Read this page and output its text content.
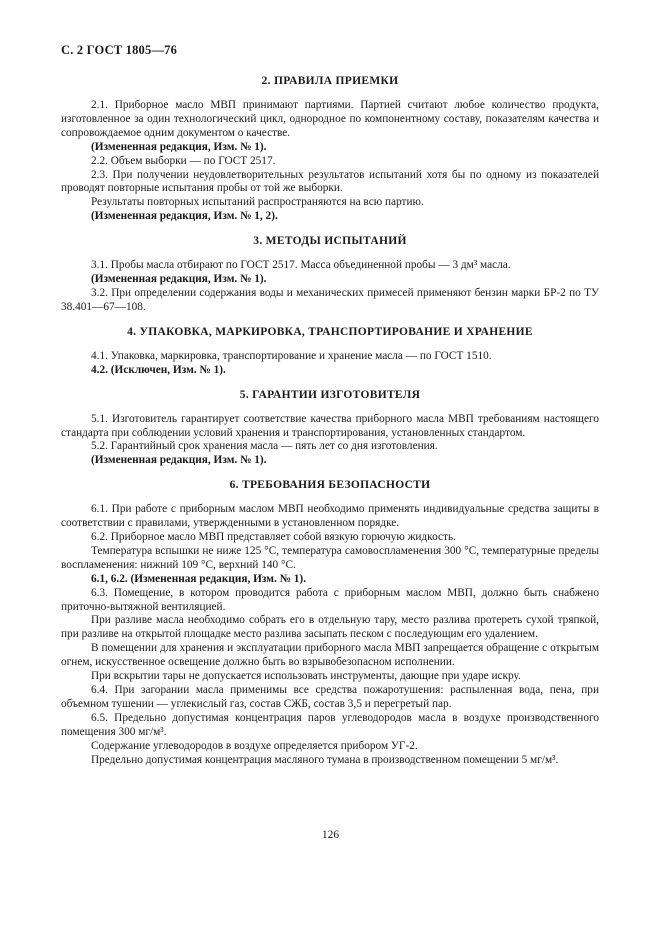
С. 2 ГОСТ 1805—76
2. ПРАВИЛА ПРИЕМКИ

2.1. Приборное масло МВП принимают партиями. Партией считают любое количество продукта, изготовленное за один технологический цикл, однородное по компонентному составу, показателям качества и сопровождаемое одним документом о качестве.

(Измененная редакция, Изм. № 1).

2.2. Объем выборки — по ГОСТ 2517.

2.3. При получении неудовлетворительных результатов испытаний хотя бы по одному из показателей проводят повторные испытания пробы от той же выборки.

Результаты повторных испытаний распространяются на всю партию.

(Измененная редакция, Изм. № 1, 2).

3. МЕТОДЫ ИСПЫТАНИЙ

3.1. Пробы масла отбирают по ГОСТ 2517. Масса объединенной пробы — 3 дм³ масла.

(Измененная редакция, Изм. № 1).

3.2. При определении содержания воды и механических примесей применяют бензин марки БР-2 по ТУ 38.401—67—108.

4. УПАКОВКА, МАРКИРОВКА, ТРАНСПОРТИРОВАНИЕ И ХРАНЕНИЕ

4.1. Упаковка, маркировка, транспортирование и хранение масла — по ГОСТ 1510.

4.2. (Исключен, Изм. № 1).

5. ГАРАНТИИ ИЗГОТОВИТЕЛЯ

5.1. Изготовитель гарантирует соответствие качества приборного масла МВП требованиям настоящего стандарта при соблюдении условий хранения и транспортирования, установленных стандартом.

5.2. Гарантийный срок хранения масла — пять лет со дня изготовления.

(Измененная редакция, Изм. № 1).

6. ТРЕБОВАНИЯ БЕЗОПАСНОСТИ

6.1. При работе с приборным маслом МВП необходимо применять индивидуальные средства защиты в соответствии с правилами, утвержденными в установленном порядке.

6.2. Приборное масло МВП представляет собой вязкую горючую жидкость.

Температура вспышки не ниже 125 °С, температура самовоспламенения 300 °С, температурные пределы воспламенения: нижний 109 °С, верхний 140 °С.

6.1, 6.2. (Измененная редакция, Изм. № 1).

6.3. Помещение, в котором проводится работа с приборным маслом МВП, должно быть снабжено приточно-вытяжной вентиляцией.

При разливе масла необходимо собрать его в отдельную тару, место разлива протереть сухой тряпкой, при разливе на открытой площадке место разлива засыпать песком с последующим его удалением.

В помещении для хранения и эксплуатации приборного масла МВП запрещается обращение с открытым огнем, искусственное освещение должно быть во взрывобезопасном исполнении.

При вскрытии тары не допускается использовать инструменты, дающие при ударе искру.

6.4. При загорании масла применимы все средства пожаротушения: распыленная вода, пена, при объемном тушении — углекислый газ, состав СЖБ, состав 3,5 и перегретый пар.

6.5. Предельно допустимая концентрация паров углеводородов масла в воздухе производственного помещения 300 мг/м³.

Содержание углеводородов в воздухе определяется прибором УГ-2.

Предельно допустимая концентрация масляного тумана в производственном помещении 5 мг/м³.

126
